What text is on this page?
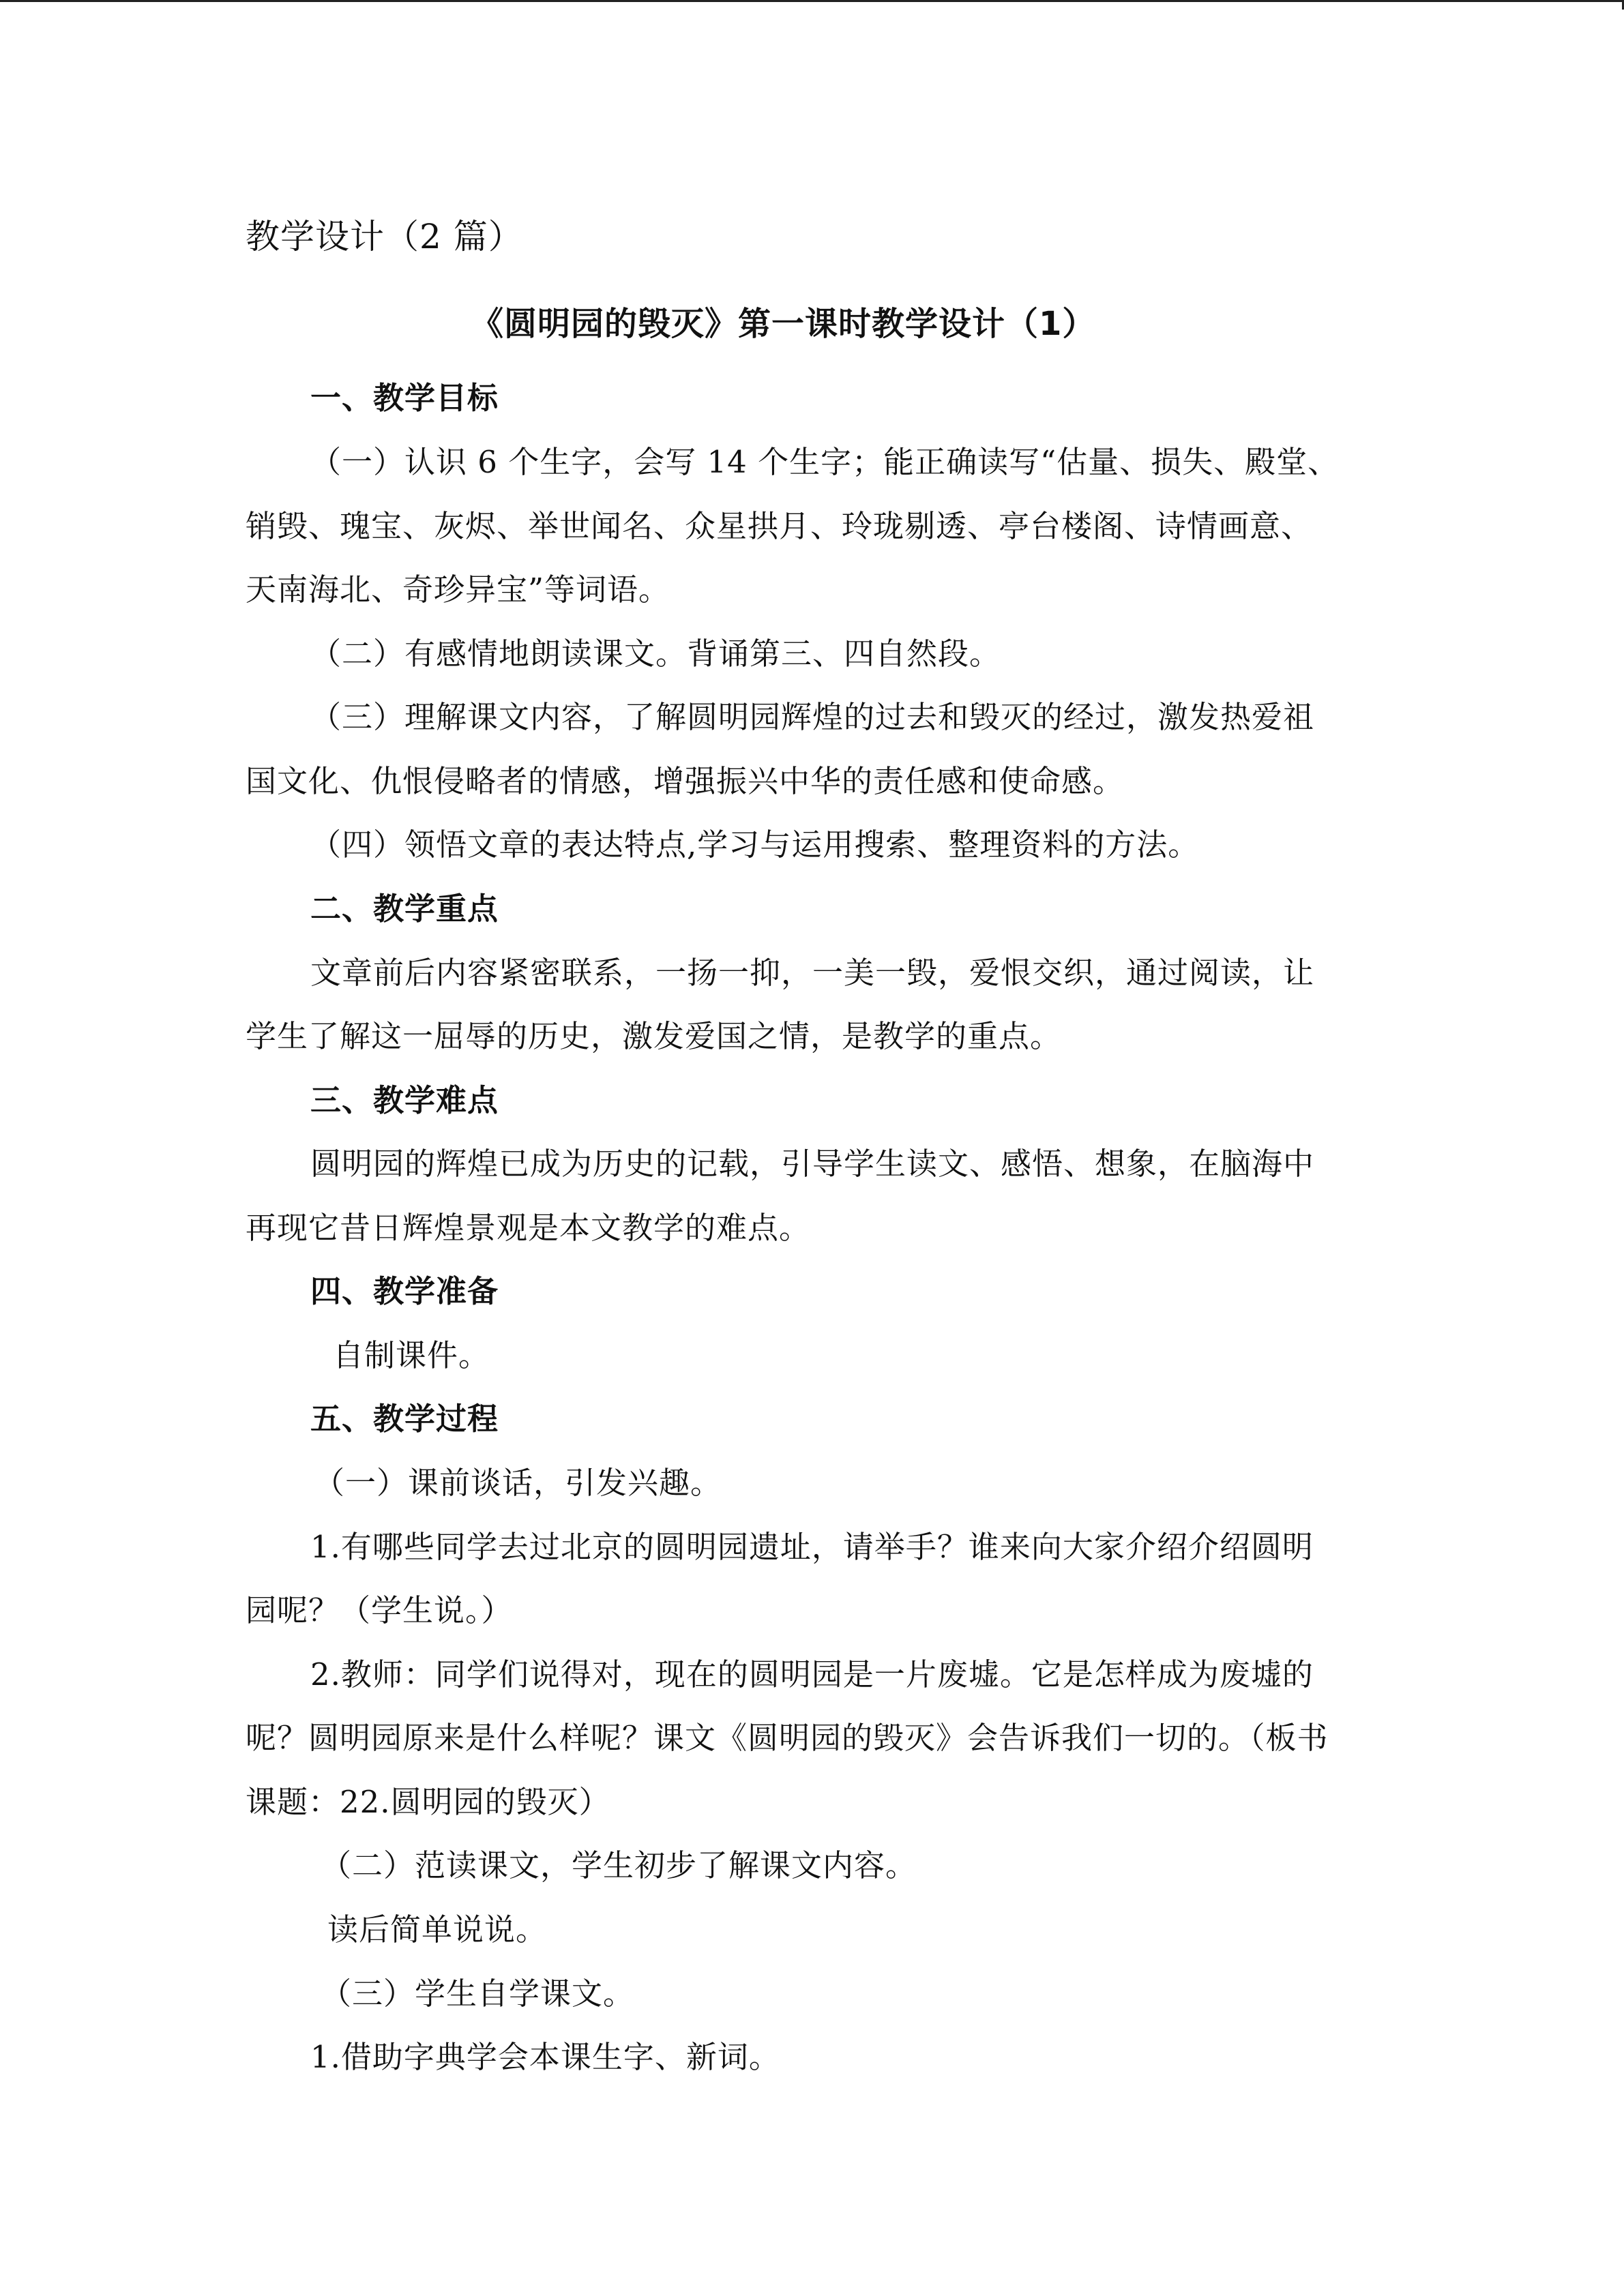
教学设计（2 篇）
《圆明园的毁灭》第一课时教学设计（1）
一、教学目标
（一）认识 6 个生字，会写 14 个生字；能正确读写“估量、损失、殿堂、
销毁、瑰宝、灰烬、举世闻名、众星拱月、玲珑剔透、亭台楼阁、诗情画意、
天南海北、奇珍异宝”等词语。
（二）有感情地朗读课文。背诵第三、四自然段。
（三）理解课文内容，了解圆明园辉煌的过去和毁灭的经过，激发热爱祖
国文化、仇恨侵略者的情感，增强振兴中华的责任感和使命感。
（四）领悟文章的表达特点,学习与运用搜索、整理资料的方法。
二、教学重点
文章前后内容紧密联系，一扬一抑，一美一毁，爱恨交织，通过阅读，让
学生了解这一屈辱的历史，激发爱国之情，是教学的重点。
三、教学难点
圆明园的辉煌已成为历史的记载，引导学生读文、感悟、想象，在脑海中
再现它昔日辉煌景观是本文教学的难点。
四、教学准备
自制课件。
五、教学过程
（一）课前谈话，引发兴趣。
1.有哪些同学去过北京的圆明园遗址，请举手？谁来向大家介绍介绍圆明
园呢？（学生说。）
2.教师：同学们说得对，现在的圆明园是一片废墟。它是怎样成为废墟的
呢？圆明园原来是什么样呢？课文《圆明园的毁灭》会告诉我们一切的。（板书
课题：22.圆明园的毁灭）
（二）范读课文，学生初步了解课文内容。
读后简单说说。
（三）学生自学课文。
1.借助字典学会本课生字、新词。
